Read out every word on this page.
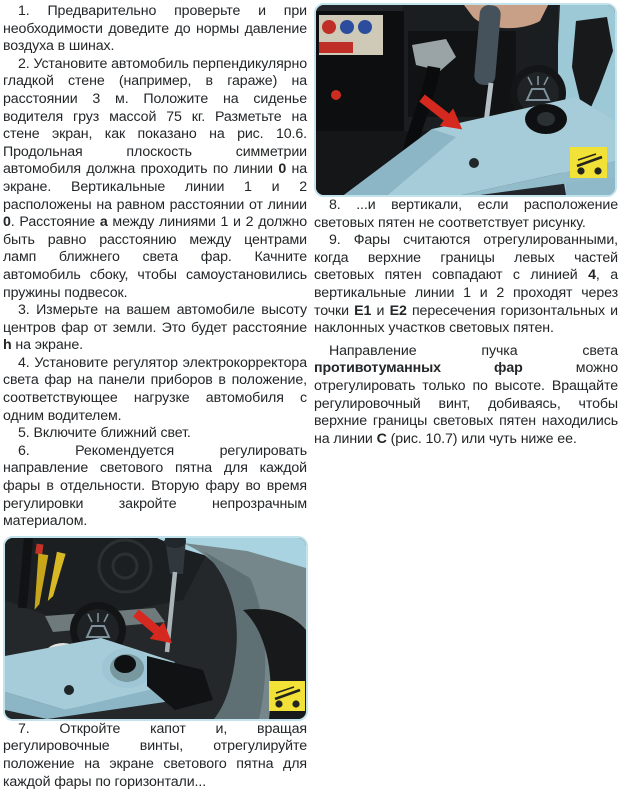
1. Предварительно проверьте и при необходимости доведите до нормы давление воздуха в шинах.

2. Установите автомобиль перпендикулярно гладкой стене (например, в гараже) на расстоянии 3 м. Положите на сиденье водителя груз массой 75 кг. Разметьте на стене экран, как показано на рис. 10.6. Продольная плоскость симметрии автомобиля должна проходить по линии 0 на экране. Вертикальные линии 1 и 2 расположены на равном расстоянии от линии 0. Расстояние а между линиями 1 и 2 должно быть равно расстоянию между центрами ламп ближнего света фар. Качните автомобиль сбоку, чтобы самоустановились пружины подвесок.

3. Измерьте на вашем автомобиле высоту центров фар от земли. Это будет расстояние h на экране.

4. Установите регулятор электрокорректора света фар на панели приборов в положение, соответствующее нагрузке автомобиля с одним водителем.

5. Включите ближний свет.

6. Рекомендуется регулировать направление светового пятна для каждой фары в отдельности. Вторую фару во время регулировки закройте непрозрачным материалом.

7. Откройте капот и, вращая регулировочные винты, отрегулируйте положение на экране светового пятна для каждой фары по горизонтали...

8. ...и вертикали, если расположение световых пятен не соответствует рисунку.

9. Фары считаются отрегулированными, когда верхние границы левых частей световых пятен совпадают с линией 4, а вертикальные линии 1 и 2 проходят через точки Е1 и Е2 пересечения горизонтальных и наклонных участков световых пятен.

Направление пучка света противотуманных фар можно отрегулировать только по высоте. Вращайте регулировочный винт, добиваясь, чтобы верхние границы световых пятен находились на линии С (рис. 10.7) или чуть ниже ее.
